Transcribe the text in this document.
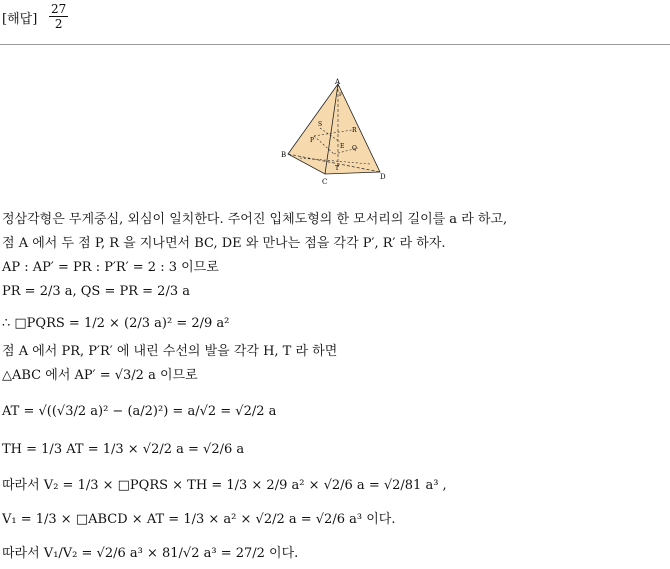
[해답] $\frac{27}{2}$
A
B
C
D
E
P
Q
R
S
T
F
정삼각형은 무게중심, 외심이 일치한다. 주어진 입체도형의 한 모서리의 길이를 a 라 하고,
점 A 에서 두 점 P, R 을 지나면서 BC, DE 와 만나는 점을 각각 P′, R′ 라 하자.
AP : AP′ = PR : P′R′ = 2 : 3 이므로
PR = 2/3 a, QS = PR = 2/3 a
∴ □PQRS = 1/2 × (2/3 a)² = 2/9 a²
점 A 에서 PR, P′R′ 에 내린 수선의 발을 각각 H, T 라 하면
△ABC 에서 AP′ = √3/2 a 이므로
AT = √((√3/2 a)² − (a/2)²) = a/√2 = √2/2 a
TH = 1/3 AT = 1/3 × √2/2 a = √2/6 a
따라서 V₂ = 1/3 × □PQRS × TH = 1/3 × 2/9 a² × √2/6 a = √2/81 a³ ,
V₁ = 1/3 × □ABCD × AT = 1/3 × a² × √2/2 a = √2/6 a³ 이다.
따라서 V₁/V₂ = √2/6 a³ × 81/√2 a³ = 27/2 이다.
